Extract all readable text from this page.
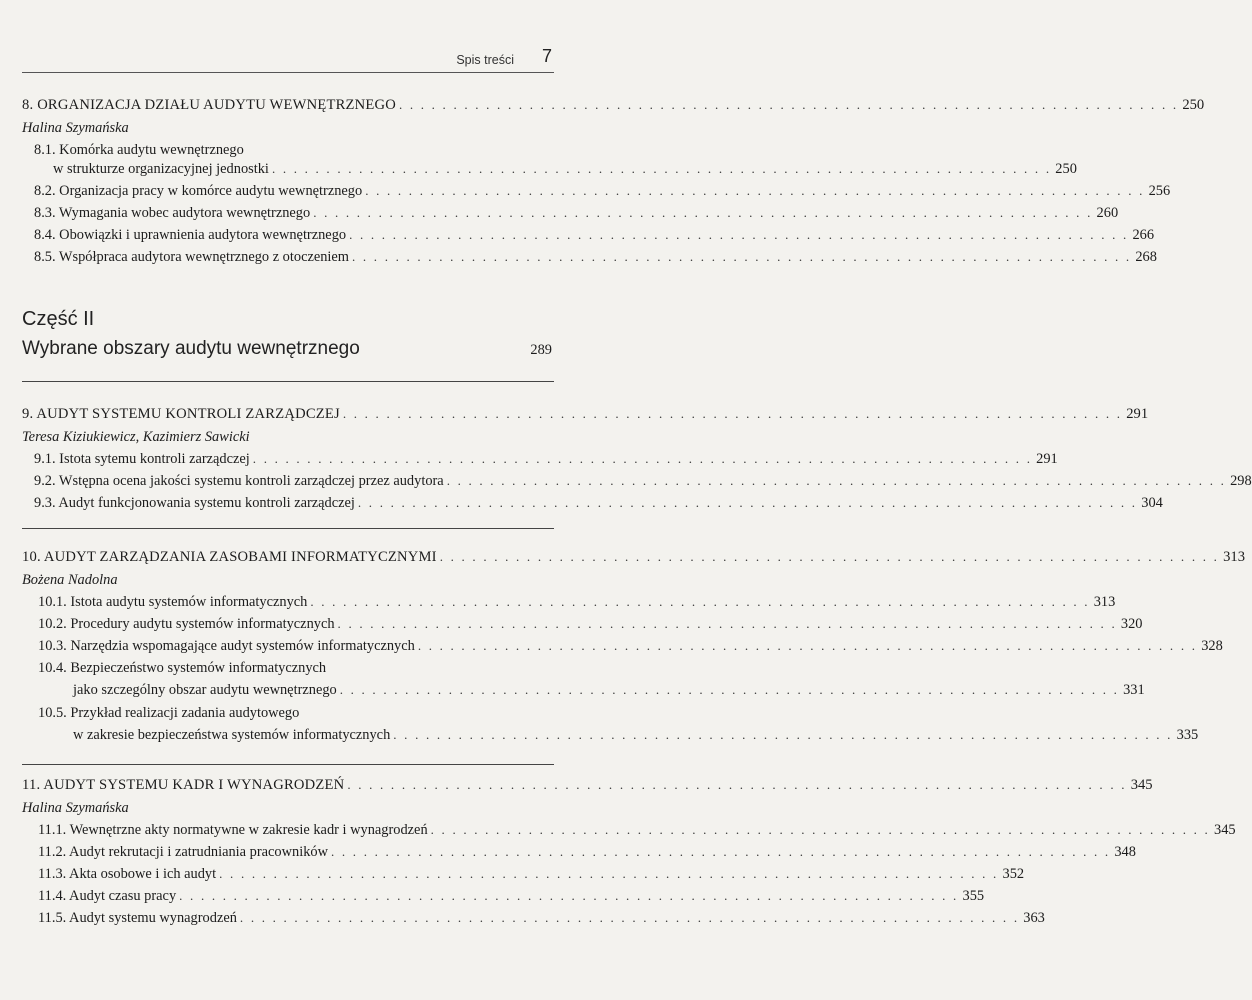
Spis treści 7
8. ORGANIZACJA DZIAŁU AUDYTU WEWNĘTRZNEGO . . . . . . . . . . . . . . . . . . . . . . . . . . . . . . . . . . . . . . . . . . . . . . . . . . . . . . . . . . . . . . . . . . . . . . . . 250
Halina Szymańska
8.1. Komórka audytu wewnętrznego
w strukturze organizacyjnej jednostki . . . . . . . . . . . . . . . . . . . . . . . . . . . . . . . . . . . . . . . . . . . . . . . . . . . . . . . . . . . . . . . . . . . . . . . . 250
8.2. Organizacja pracy w komórce audytu wewnętrznego . . . . . . . . . . . . . . . . . . . . . . . . . . . . . . . . . . . . . . . . . . . . . . . . . . . . . . . . . . . . . . . . . . . . . . . . 256
8.3. Wymagania wobec audytora wewnętrznego . . . . . . . . . . . . . . . . . . . . . . . . . . . . . . . . . . . . . . . . . . . . . . . . . . . . . . . . . . . . . . . . . . . . . . . . 260
8.4. Obowiązki i uprawnienia audytora wewnętrznego . . . . . . . . . . . . . . . . . . . . . . . . . . . . . . . . . . . . . . . . . . . . . . . . . . . . . . . . . . . . . . . . . . . . . . . . 266
8.5. Współpraca audytora wewnętrznego z otoczeniem . . . . . . . . . . . . . . . . . . . . . . . . . . . . . . . . . . . . . . . . . . . . . . . . . . . . . . . . . . . . . . . . . . . . . . . . 268
Część II
Wybrane obszary audytu wewnętrznego	289
9. AUDYT SYSTEMU KONTROLI ZARZĄDCZEJ . . . . . . . . . . . . . . . . . . . . . . . . . . . . . . . . . . . . . . . . . . . . . . . . . . . . . . . . . . . . . . . . . . . . . . . . 291
Teresa Kiziukiewicz, Kazimierz Sawicki
9.1. Istota sytemu kontroli zarządczej . . . . . . . . . . . . . . . . . . . . . . . . . . . . . . . . . . . . . . . . . . . . . . . . . . . . . . . . . . . . . . . . . . . . . . . . 291
9.2. Wstępna ocena jakości systemu kontroli zarządczej przez audytora . . . . . . . . . . . . . . . . . . . . . . . . . . . . . . . . . . . . . . . . . . . . . . . . . . . . . . . . . . . . . . . . . . . . . . . . 298
9.3. Audyt funkcjonowania systemu kontroli zarządczej . . . . . . . . . . . . . . . . . . . . . . . . . . . . . . . . . . . . . . . . . . . . . . . . . . . . . . . . . . . . . . . . . . . . . . . . 304
10. AUDYT ZARZĄDZANIA ZASOBAMI INFORMATYCZNYMI . . . . . . . . . . . . . . . . . . . . . . . . . . . . . . . . . . . . . . . . . . . . . . . . . . . . . . . . . . . . . . . . . . . . . . . . 313
Bożena Nadolna
10.1. Istota audytu systemów informatycznych . . . . . . . . . . . . . . . . . . . . . . . . . . . . . . . . . . . . . . . . . . . . . . . . . . . . . . . . . . . . . . . . . . . . . . . . 313
10.2. Procedury audytu systemów informatycznych . . . . . . . . . . . . . . . . . . . . . . . . . . . . . . . . . . . . . . . . . . . . . . . . . . . . . . . . . . . . . . . . . . . . . . . . 320
10.3. Narzędzia wspomagające audyt systemów informatycznych . . . . . . . . . . . . . . . . . . . . . . . . . . . . . . . . . . . . . . . . . . . . . . . . . . . . . . . . . . . . . . . . . . . . . . . . 328
10.4. Bezpieczeństwo systemów informatycznych
jako szczególny obszar audytu wewnętrznego . . . . . . . . . . . . . . . . . . . . . . . . . . . . . . . . . . . . . . . . . . . . . . . . . . . . . . . . . . . . . . . . . . . . . . . . 331
10.5. Przykład realizacji zadania audytowego
w zakresie bezpieczeństwa systemów informatycznych . . . . . . . . . . . . . . . . . . . . . . . . . . . . . . . . . . . . . . . . . . . . . . . . . . . . . . . . . . . . . . . . . . . . . . . . 335
11. AUDYT SYSTEMU KADR I WYNAGRODZEŃ . . . . . . . . . . . . . . . . . . . . . . . . . . . . . . . . . . . . . . . . . . . . . . . . . . . . . . . . . . . . . . . . . . . . . . . . 345
Halina Szymańska
11.1. Wewnętrzne akty normatywne w zakresie kadr i wynagrodzeń . . . . . . . . . . . . . . . . . . . . . . . . . . . . . . . . . . . . . . . . . . . . . . . . . . . . . . . . . . . . . . . . . . . . . . . . 345
11.2. Audyt rekrutacji i zatrudniania pracowników . . . . . . . . . . . . . . . . . . . . . . . . . . . . . . . . . . . . . . . . . . . . . . . . . . . . . . . . . . . . . . . . . . . . . . . . 348
11.3. Akta osobowe i ich audyt . . . . . . . . . . . . . . . . . . . . . . . . . . . . . . . . . . . . . . . . . . . . . . . . . . . . . . . . . . . . . . . . . . . . . . . . 352
11.4. Audyt czasu pracy . . . . . . . . . . . . . . . . . . . . . . . . . . . . . . . . . . . . . . . . . . . . . . . . . . . . . . . . . . . . . . . . . . . . . . . . 355
11.5. Audyt systemu wynagrodzeń . . . . . . . . . . . . . . . . . . . . . . . . . . . . . . . . . . . . . . . . . . . . . . . . . . . . . . . . . . . . . . . . . . . . . . . . 363
